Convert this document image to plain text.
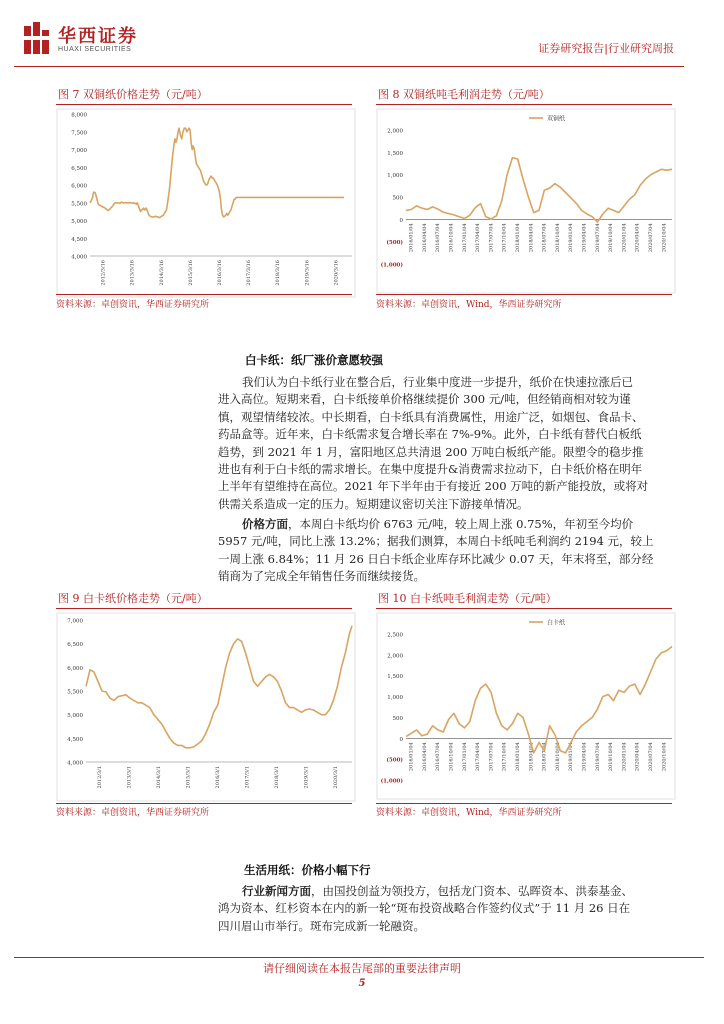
华西证券
HUAXI SECURITIES	证券研究报告|行业研究周报
图 7 双铜纸价格走势（元/吨）
4,000
4,500
5,000
5,500
6,000
6,500
7,000
7,500
8,000
2012/3/16	2013/3/16	2014/3/16	2015/3/16	2016/3/16	2017/3/16	2018/3/16	2019/3/16	2020/3/16
资料来源：卓创资讯，华西证券研究所
图 8 双铜纸吨毛利润走势（元/吨）
(1,000)
(500)
0
500
1,000
1,500
2,000
2016/01/04 2016/04/04 2016/07/04 2016/10/04 2017/01/04 2017/04/04 2017/07/04 2017/10/04 2018/01/04 2018/04/04 2018/07/04 2018/10/04 2019/01/04 2019/04/04 2019/07/04 2019/10/04 2020/01/04 2020/04/04 2020/07/04 2020/10/04
双铜纸
资料来源：卓创资讯，Wind，华西证券研究所
白卡纸：纸厂涨价意愿较强
我们认为白卡纸行业在整合后，行业集中度进一步提升，纸价在快速拉涨后已
进入高位。短期来看，白卡纸接单价格继续提价 300 元/吨，但经销商相对较为谨
慎，观望情绪较浓。中长期看，白卡纸具有消费属性，用途广泛，如烟包、食品卡、
药品盒等。近年来，白卡纸需求复合增长率在 7%-9%。此外，白卡纸有替代白板纸
趋势，到 2021 年 1 月，富阳地区总共清退 200 万吨白板纸产能。限塑令的稳步推
进也有利于白卡纸的需求增长。在集中度提升&消费需求拉动下，白卡纸价格在明年
上半年有望维持在高位。2021 年下半年由于有接近 200 万吨的新产能投放，或将对
供需关系造成一定的压力。短期建议密切关注下游接单情况。
价格方面，本周白卡纸均价 6763 元/吨，较上周上涨 0.75%，年初至今均价
5957 元/吨，同比上涨 13.2%；据我们测算，本周白卡纸吨毛利润约 2194 元，较上
一周上涨 6.84%；11 月 26 日白卡纸企业库存环比减少 0.07 天，年末将至，部分经
销商为了完成全年销售任务而继续接货。
图 9 白卡纸价格走势（元/吨）
4,000
4,500
5,000
5,500
6,000
6,500
7,000
2012/3/1	2013/3/1	2014/3/1	2015/3/1	2016/3/1	2017/3/1	2018/3/1	2019/3/1	2020/3/1
资料来源：卓创资讯，华西证券研究所
图 10 白卡纸吨毛利润走势（元/吨）
(1,000)
(500)
0
500
1,000
1,500
2,000
2,500
2016/01/04 2016/04/04 2016/07/04 2016/10/04 2017/01/04 2017/04/04 2017/07/04 2017/10/04 2018/01/04 2018/04/04 2018/07/04 2018/10/04 2019/01/04 2019/04/04 2019/07/04 2019/10/04 2020/01/04 2020/04/04 2020/07/04 2020/10/04
白卡纸
资料来源：卓创资讯，Wind，华西证券研究所
生活用纸：价格小幅下行
行业新闻方面，由国投创益为领投方，包括龙门资本、弘晖资本、洪泰基金、
鸿为资本、红杉资本在内的新一轮“斑布投资战略合作签约仪式”于 11 月 26 日在
四川眉山市举行。斑布完成新一轮融资。
请仔细阅读在本报告尾部的重要法律声明
5
